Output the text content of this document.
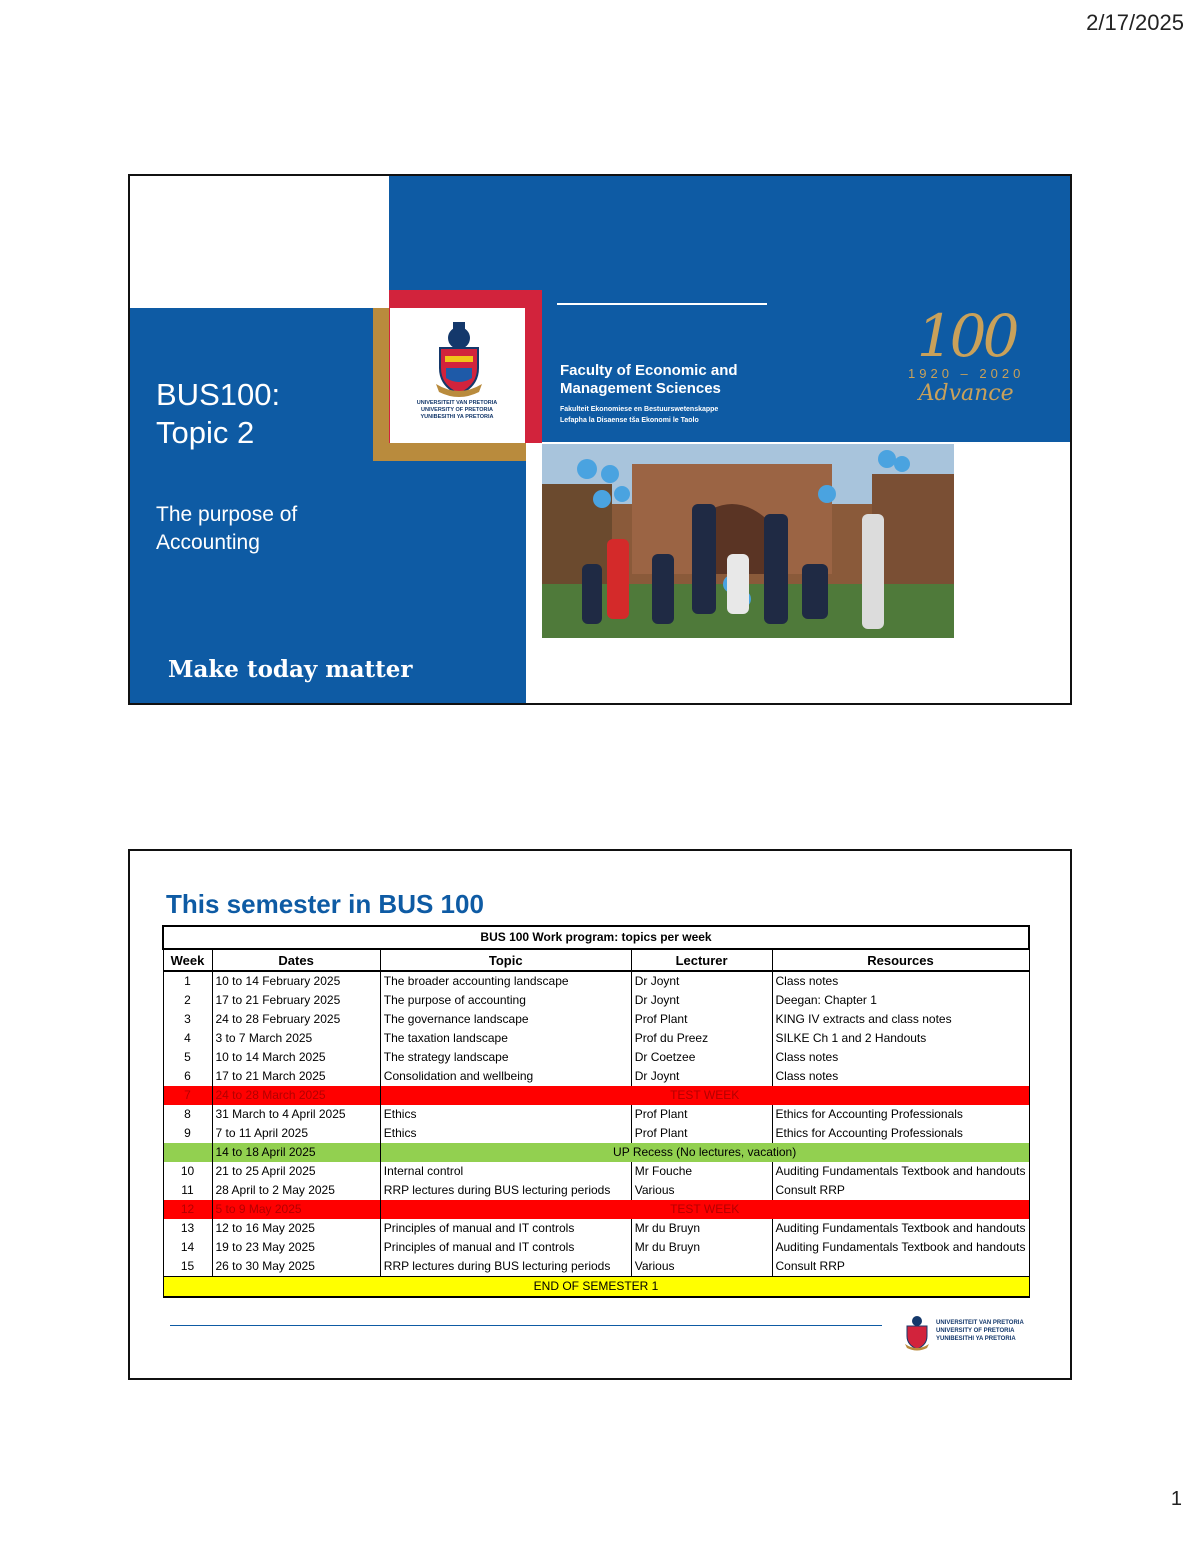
2/17/2025
UNIVERSITEIT VAN PRETORIA
UNIVERSITY OF PRETORIA
YUNIBESITHI YA PRETORIA
BUS100:
Topic 2
The purpose of
Accounting
Make today matter
Faculty of Economic and
Management Sciences
Fakulteit Ekonomiese en Bestuurswetenskappe
Lefapha la Disaense tša Ekonomi le Taolo
100
1920 – 2020
Advance
This semester in BUS 100
BUS 100 Work program: topics per week				
Week	Dates	Topic	Lecturer	Resources
1	10 to 14 February 2025	The broader accounting landscape	Dr Joynt	Class notes
2	17 to 21 February 2025	The purpose of accounting	Dr Joynt	Deegan: Chapter 1
3	24 to 28 February 2025	The governance landscape	Prof Plant	KING IV extracts and class notes
4	3 to 7 March 2025	The taxation landscape	Prof du Preez	SILKE Ch 1 and 2 Handouts
5	10 to 14 March 2025	The strategy landscape	Dr Coetzee	Class notes
6	17 to 21 March 2025	Consolidation and wellbeing	Dr Joynt	Class notes
7	24 to 28 March 2025	TEST WEEK		
8	31 March to 4 April 2025	Ethics	Prof Plant	Ethics for Accounting Professionals
9	7 to 11 April 2025	Ethics	Prof Plant	Ethics for Accounting Professionals
	14 to 18 April 2025	UP Recess (No lectures, vacation)		
10	21 to 25 April 2025	Internal control	Mr Fouche	Auditing Fundamentals Textbook and handouts
11	28 April to 2 May 2025	RRP lectures during BUS lecturing periods	Various	Consult RRP
12	5 to 9 May 2025	TEST WEEK		
13	12 to 16 May 2025	Principles of manual and IT controls	Mr du Bruyn	Auditing Fundamentals Textbook and handouts
14	19 to 23 May 2025	Principles of manual and IT controls	Mr du Bruyn	Auditing Fundamentals Textbook and handouts
15	26 to 30 May 2025	RRP lectures during BUS lecturing periods	Various	Consult RRP
END OF SEMESTER 1				
UNIVERSITEIT VAN PRETORIA
UNIVERSITY OF PRETORIA
YUNIBESITHI YA PRETORIA
1
